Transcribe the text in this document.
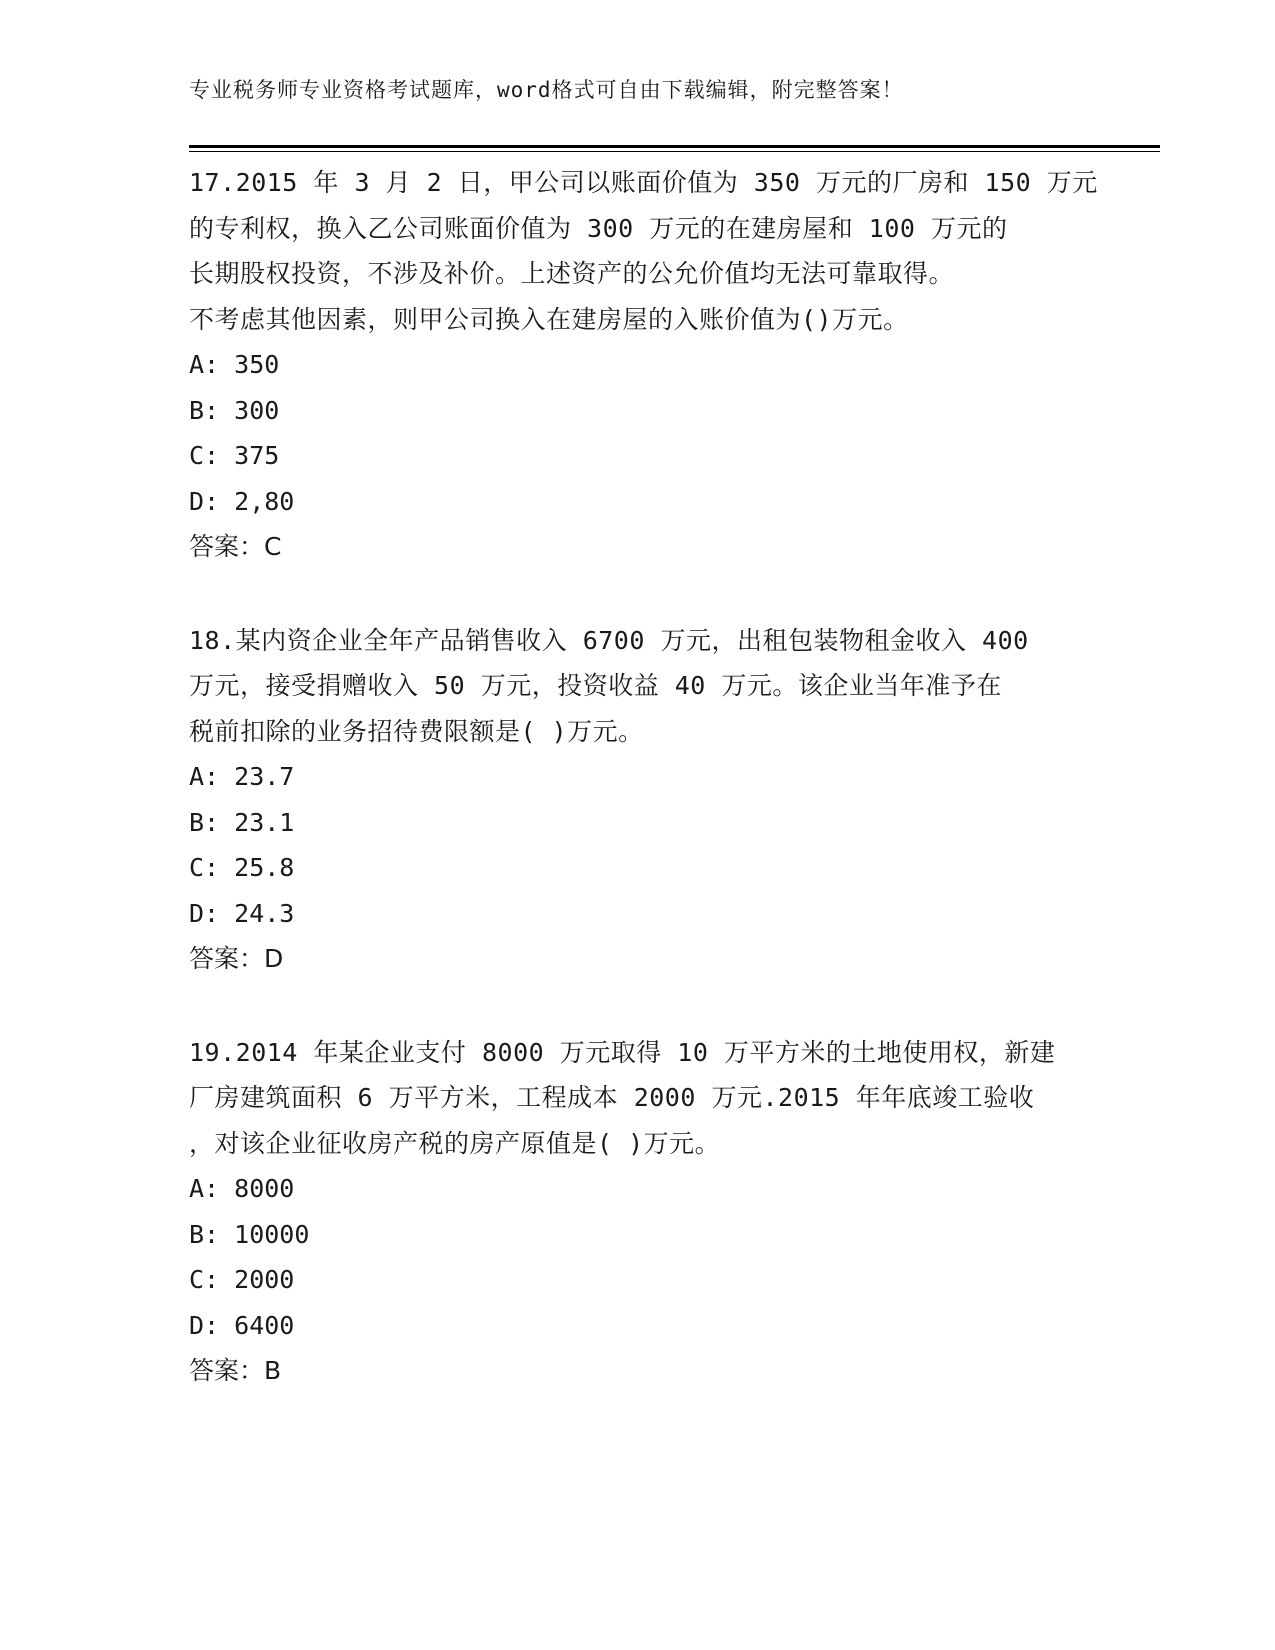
专业税务师专业资格考试题库，word格式可自由下载编辑，附完整答案！
17.2015 年 3 月 2 日，甲公司以账面价值为 350 万元的厂房和 150 万元
的专利权，换入乙公司账面价值为 300 万元的在建房屋和 100 万元的
长期股权投资，不涉及补价。上述资产的公允价值均无法可靠取得。
不考虑其他因素，则甲公司换入在建房屋的入账价值为()万元。
A: 350
B: 300
C: 375
D: 2,80
答案：C
18.某内资企业全年产品销售收入 6700 万元，出租包装物租金收入 400
万元，接受捐赠收入 50 万元，投资收益 40 万元。该企业当年准予在
税前扣除的业务招待费限额是( )万元。
A: 23.7
B: 23.1
C: 25.8
D: 24.3
答案：D
19.2014 年某企业支付 8000 万元取得 10 万平方米的土地使用权，新建
厂房建筑面积 6 万平方米，工程成本 2000 万元.2015 年年底竣工验收
，对该企业征收房产税的房产原值是( )万元。
A: 8000
B: 10000
C: 2000
D: 6400
答案：B
